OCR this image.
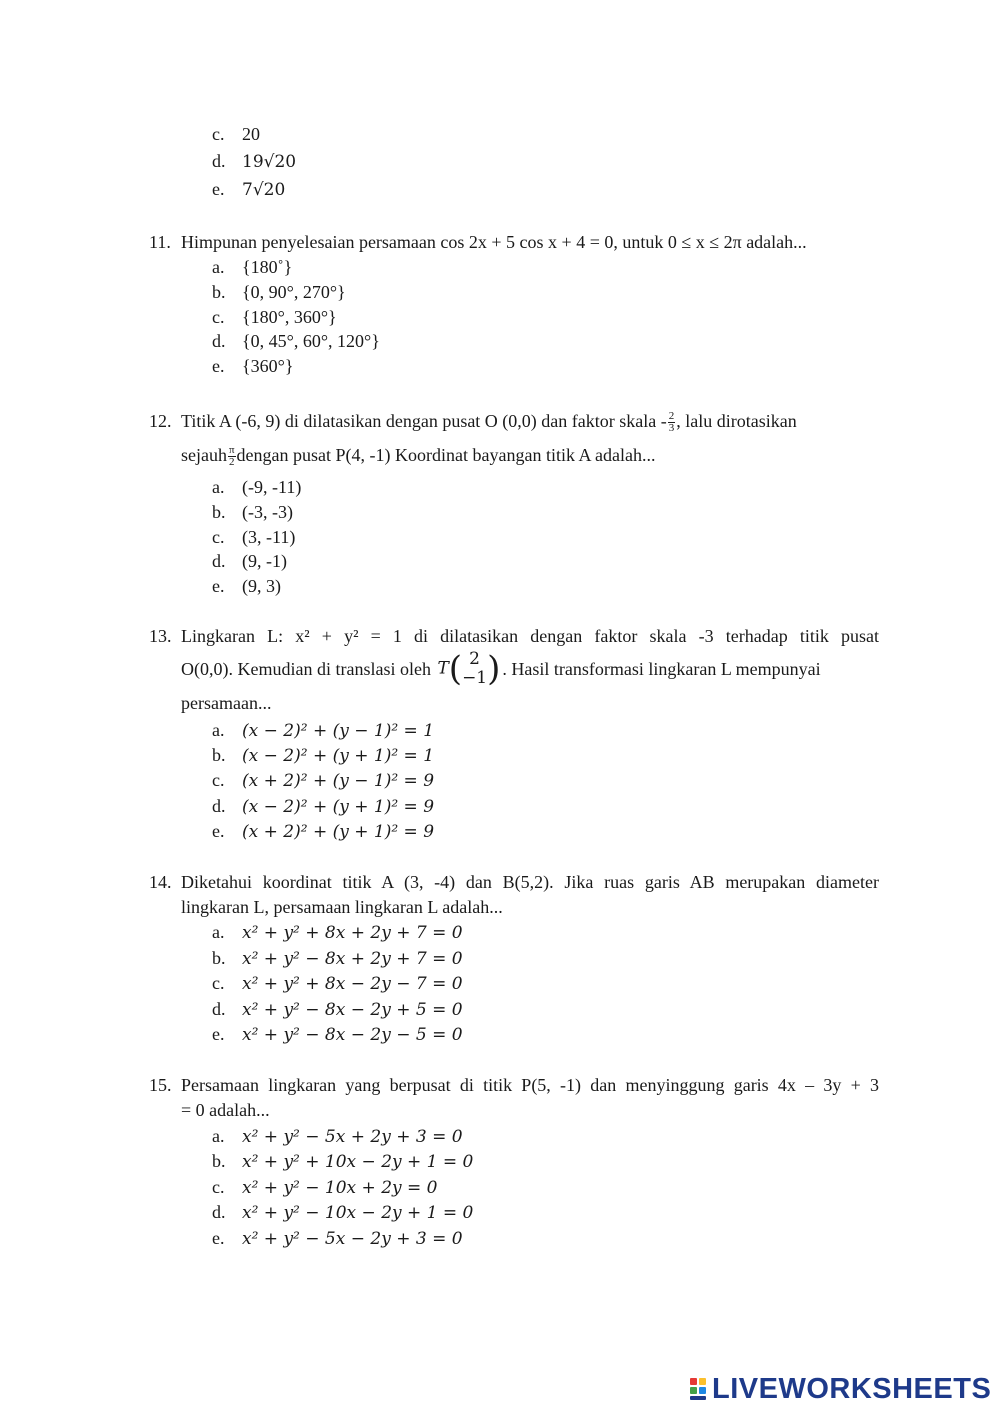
c. 20
d. 19√20
e. 7√20
11. Himpunan penyelesaian persamaan cos 2x + 5 cos x + 4 = 0, untuk 0 ≤ x ≤ 2π adalah...
a. {180˚}
b. {0, 90°, 270°}
c. {180°, 360°}
d. {0, 45°, 60°, 120°}
e. {360°}
12. Titik A (-6, 9) di dilatasikan dengan pusat O (0,0) dan faktor skala - $\frac{2}{3}$ , lalu dirotasikan
sejauh $\frac{\pi}{2}$ dengan pusat P(4, -1) Koordinat bayangan titik A adalah...
a. (-9, -11)
b. (-3, -3)
c. (3, -11)
d. (9, -1)
e. (9, 3)
13. Lingkaran L: x² + y² = 1 di dilatasikan dengan faktor skala -3 terhadap titik pusat
O(0,0). Kemudian di translasi oleh
T( 2
−1 ) . Hasil transformasi lingkaran L mempunyai
persamaan...
a. (x − 2)² + (y − 1)² = 1
b. (x − 2)² + (y + 1)² = 1
c. (x + 2)² + (y − 1)² = 9
d. (x − 2)² + (y + 1)² = 9
e. (x + 2)² + (y + 1)² = 9
14. Diketahui koordinat titik A (3, -4) dan B(5,2). Jika ruas garis AB merupakan diameter
lingkaran L, persamaan lingkaran L adalah...
a. x² + y² + 8x + 2y + 7 = 0
b. x² + y² − 8x + 2y + 7 = 0
c. x² + y² + 8x − 2y − 7 = 0
d. x² + y² − 8x − 2y + 5 = 0
e. x² + y² − 8x − 2y − 5 = 0
15. Persamaan lingkaran yang berpusat di titik P(5, -1) dan menyinggung garis 4x – 3y + 3
= 0 adalah...
a. x² + y² − 5x + 2y + 3 = 0
b. x² + y² + 10x − 2y + 1 = 0
c. x² + y² − 10x + 2y = 0
d. x² + y² − 10x − 2y + 1 = 0
e. x² + y² − 5x − 2y + 3 = 0
LIVEWORKSHEETS
